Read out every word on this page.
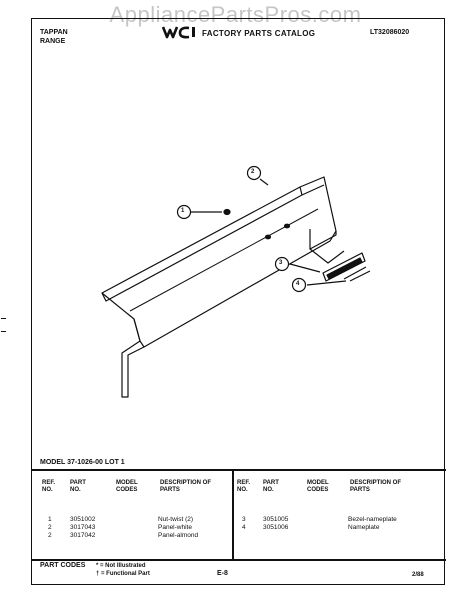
AppliancePartsPros.com
TAPPAN
RANGE
FACTORY PARTS CATALOG	LT32086020
1
2
3
4
MODEL 37-1026-00 LOT 1
REF. NO.
PART NO.
MODEL CODES
DESCRIPTION OF PARTS
REF. NO.
PART NO.
MODEL CODES
DESCRIPTION OF PARTS
1	3051002	Nut-twist (2)
2	3017043	Panel-white
2	3017042	Panel-almond
3	3051005	Bezel-nameplate
4	3051006	Nameplate
PART CODES * = Not Illustrated
† = Functional Part	E-8	2/88
